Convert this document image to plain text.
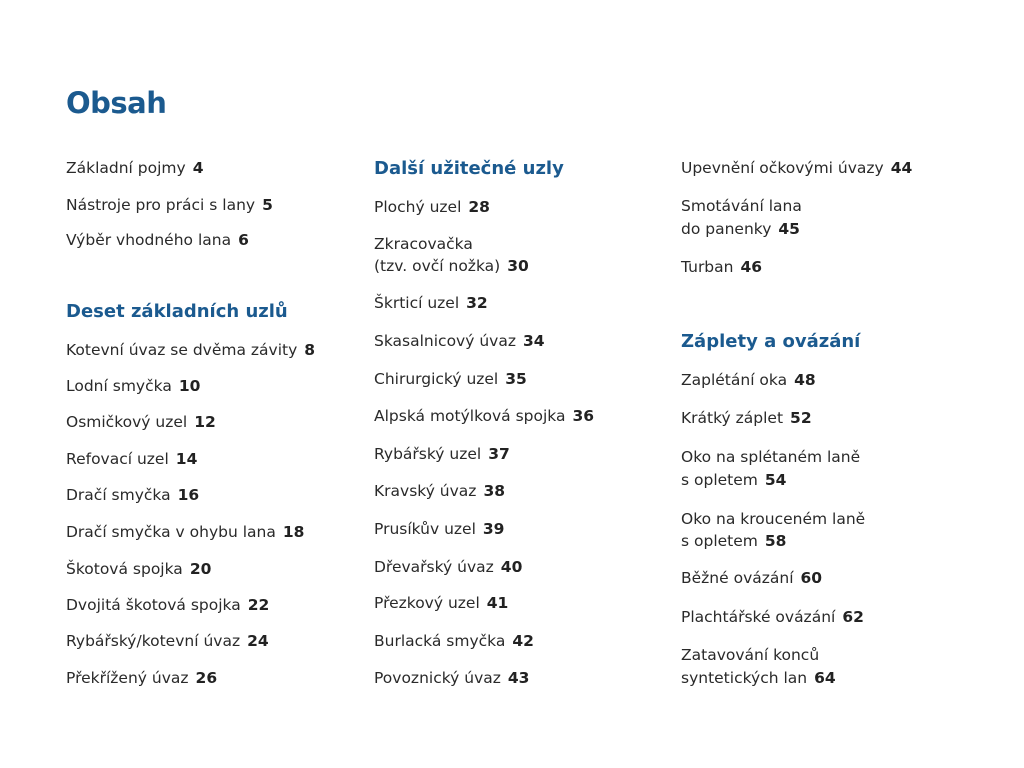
Obsah
Základní pojmy 4
Nástroje pro práci s lany 5
Výběr vhodného lana 6
Deset základních uzlů
Kotevní úvaz se dvěma závity 8
Lodní smyčka 10
Osmičkový uzel 12
Refovací uzel 14
Dračí smyčka 16
Dračí smyčka v ohybu lana 18
Škotová spojka 20
Dvojitá škotová spojka 22
Rybářský/kotevní úvaz 24
Překřížený úvaz 26
Další užitečné uzly
Plochý uzel 28
Zkracovačka
(tzv. ovčí nožka) 30
Škrticí uzel 32
Skasalnicový úvaz 34
Chirurgický uzel 35
Alpská motýlková spojka 36
Rybářský uzel 37
Kravský úvaz 38
Prusíkův uzel 39
Dřevařský úvaz 40
Přezkový uzel 41
Burlacká smyčka 42
Povoznický úvaz 43
Upevnění očkovými úvazy 44
Smotávání lana
do panenky 45
Turban 46
Záplety a ovázání
Zaplétání oka 48
Krátký záplet 52
Oko na splétaném laně
s opletem 54
Oko na krouceném laně
s opletem 58
Běžné ovázání 60
Plachtářské ovázání 62
Zatavování konců
syntetických lan 64
